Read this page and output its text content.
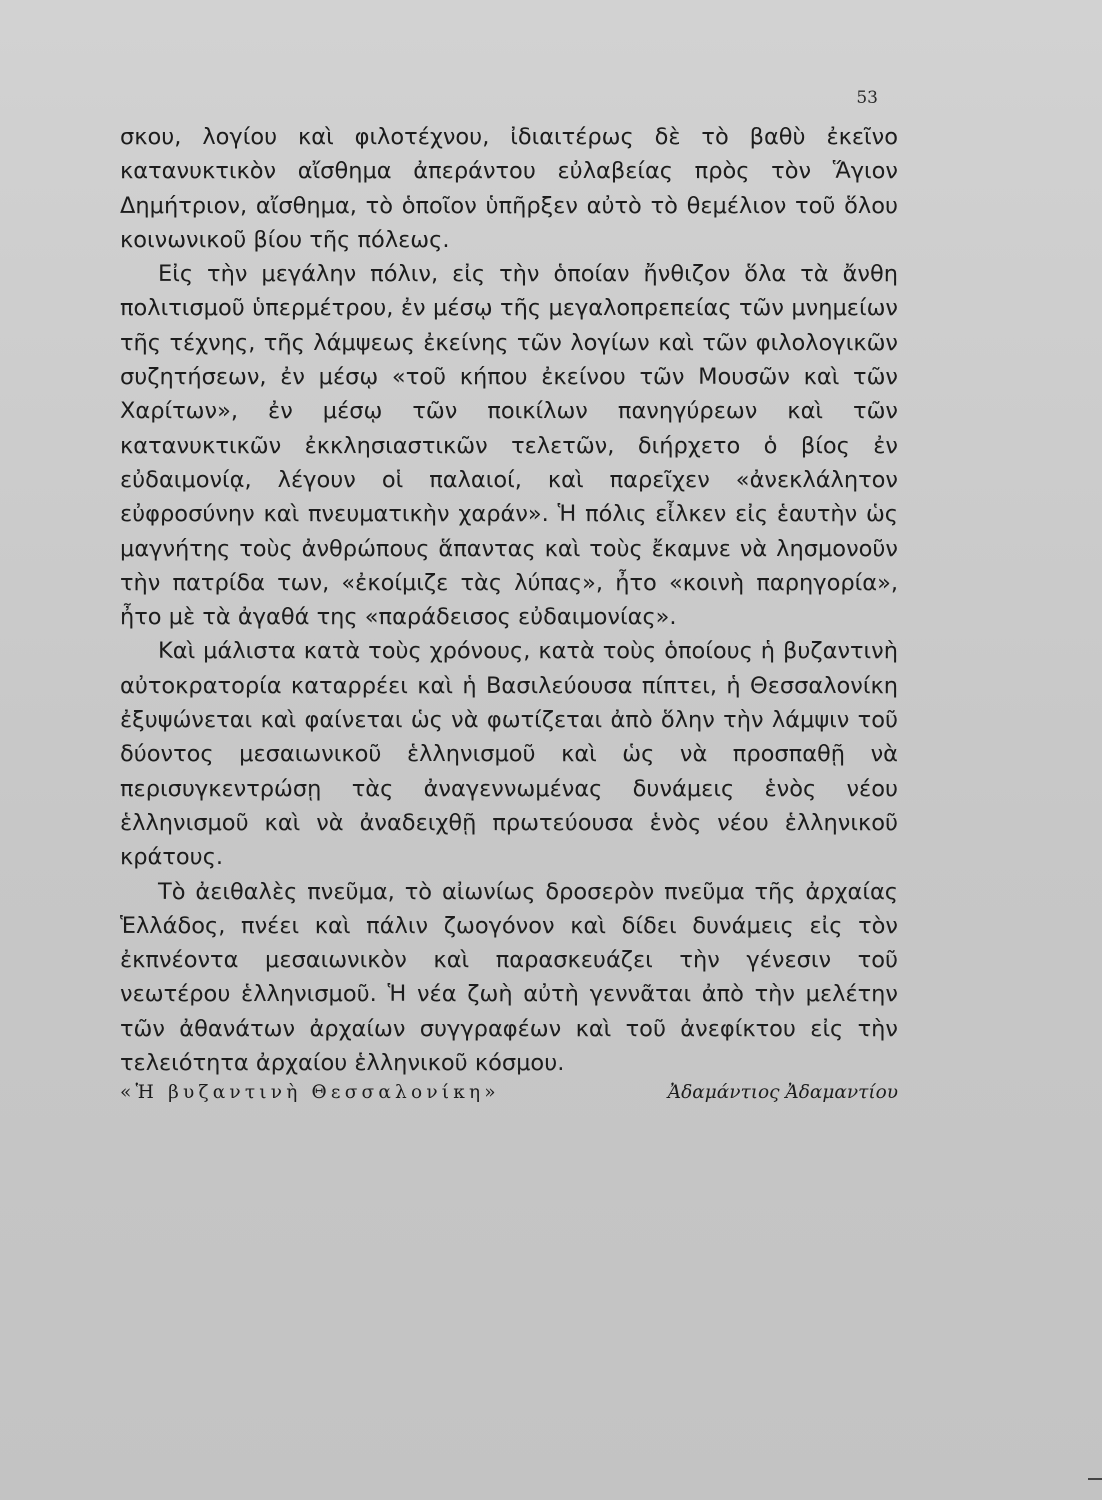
53

σκου, λογίου καὶ φιλοτέχνου, ἰδιαιτέρως δὲ τὸ βαθὺ ἐκεῖνο κατανυκτικὸν αἴσθημα ἀπεράντου εὐλαβείας πρὸς τὸν Ἅγιον Δημήτριον, αἴσθημα, τὸ ὁποῖον ὑπῆρξεν αὐτὸ τὸ θεμέλιον τοῦ ὅλου κοινωνικοῦ βίου τῆς πόλεως.

Εἰς τὴν μεγάλην πόλιν, εἰς τὴν ὁποίαν ἤνθιζον ὅλα τὰ ἄνθη πολιτισμοῦ ὑπερμέτρου, ἐν μέσῳ τῆς μεγαλοπρεπείας τῶν μνημείων τῆς τέχνης, τῆς λάμψεως ἐκείνης τῶν λογίων καὶ τῶν φιλολογικῶν συζητήσεων, ἐν μέσῳ «τοῦ κήπου ἐκείνου τῶν Μουσῶν καὶ τῶν Χαρίτων», ἐν μέσῳ τῶν ποικίλων πανηγύρεων καὶ τῶν κατανυκτικῶν ἐκκλησιαστικῶν τελετῶν, διήρχετο ὁ βίος ἐν εὐδαιμονίᾳ, λέγουν οἱ παλαιοί, καὶ παρεῖχεν «ἀνεκλάλητον εὐφροσύνην καὶ πνευματικὴν χαράν». Ἡ πόλις εἶλκεν εἰς ἑαυτὴν ὡς μαγνήτης τοὺς ἀνθρώπους ἅπαντας καὶ τοὺς ἔκαμνε νὰ λησμονοῦν τὴν πατρίδα των, «ἐκοίμιζε τὰς λύπας», ἦτο «κοινὴ παρηγορία», ἦτο μὲ τὰ ἀγαθά της «παράδεισος εὐδαιμονίας».

Καὶ μάλιστα κατὰ τοὺς χρόνους, κατὰ τοὺς ὁποίους ἡ βυζαντινὴ αὐτοκρατορία καταρρέει καὶ ἡ Βασιλεύουσα πίπτει, ἡ Θεσσαλονίκη ἐξυψώνεται καὶ φαίνεται ὡς νὰ φωτίζεται ἀπὸ ὅλην τὴν λάμψιν τοῦ δύοντος μεσαιωνικοῦ ἑλληνισμοῦ καὶ ὡς νὰ προσπαθῇ νὰ περισυγκεντρώσῃ τὰς ἀναγεννωμένας δυνάμεις ἑνὸς νέου ἑλληνισμοῦ καὶ νὰ ἀναδειχθῇ πρωτεύουσα ἑνὸς νέου ἑλληνικοῦ κράτους.

Τὸ ἀειθαλὲς πνεῦμα, τὸ αἰωνίως δροσερὸν πνεῦμα τῆς ἀρχαίας Ἑλλάδος, πνέει καὶ πάλιν ζωογόνον καὶ δίδει δυνάμεις εἰς τὸν ἐκπνέοντα μεσαιωνικὸν καὶ παρασκευάζει τὴν γένεσιν τοῦ νεωτέρου ἑλληνισμοῦ. Ἡ νέα ζωὴ αὐτὴ γεννᾶται ἀπὸ τὴν μελέτην τῶν ἀθανάτων ἀρχαίων συγγραφέων καὶ τοῦ ἀνεφίκτου εἰς τὴν τελειότητα ἀρχαίου ἑλληνικοῦ κόσμου.

«Ἡ βυζαντινὴ Θεσσαλονίκη»	Ἀδαμάντιος Ἀδαμαντίου
